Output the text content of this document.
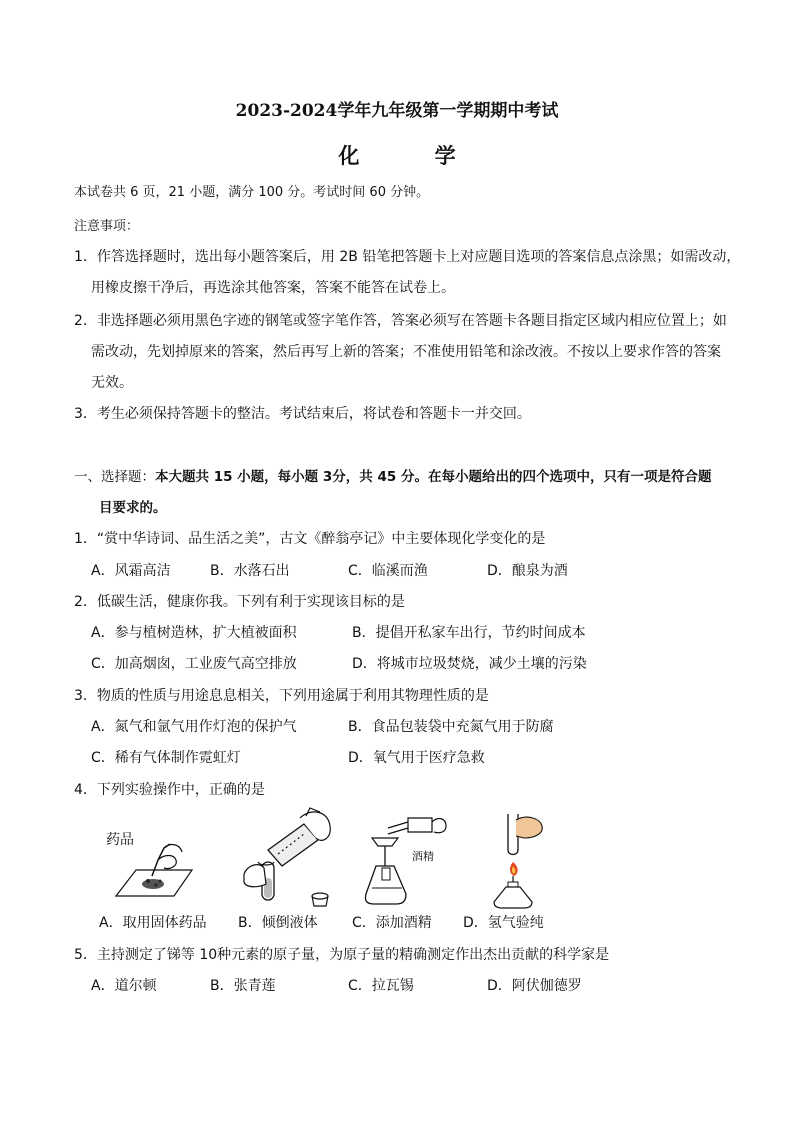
2023-2024学年九年级第一学期期中考试
化 学
本试卷共 6 页，21 小题，满分 100 分。考试时间 60 分钟。
注意事项：
1．作答选择题时，选出每小题答案后，用 2B 铅笔把答题卡上对应题目选项的答案信息点涂黑；如需改动，
用橡皮擦干净后，再选涂其他答案，答案不能答在试卷上。
2．非选择题必须用黑色字迹的钢笔或签字笔作答，答案必须写在答题卡各题目指定区域内相应位置上；如
需改动，先划掉原来的答案，然后再写上新的答案；不准使用铅笔和涂改液。不按以上要求作答的答案
无效。
3．考生必须保持答题卡的整洁。考试结束后，将试卷和答题卡一并交回。
一、选择题：本大题共 15 小题，每小题 3分，共 45 分。在每小题给出的四个选项中，只有一项是符合题
目要求的。
1．“赏中华诗词、品生活之美”，古文《醉翁亭记》中主要体现化学变化的是
A．风霜高洁	B．水落石出	C．临溪而渔	D．酿泉为酒
2．低碳生活，健康你我。下列有利于实现该目标的是
A．参与植树造林，扩大植被面积	B．提倡开私家车出行，节约时间成本
C．加高烟囱，工业废气高空排放	D．将城市垃圾焚烧，减少土壤的污染
3．物质的性质与用途息息相关，下列用途属于利用其物理性质的是
A．氮气和氩气用作灯泡的保护气	B．食品包装袋中充氮气用于防腐
C．稀有气体制作霓虹灯	D．氧气用于医疗急救
4．下列实验操作中，正确的是
药品
酒精
A．取用固体药品 B．倾倒液体 C．添加酒精 D．氢气验纯
5．主持测定了锑等 10种元素的原子量，为原子量的精确测定作出杰出贡献的科学家是
A．道尔顿	B．张青莲	C．拉瓦锡	D．阿伏伽德罗
